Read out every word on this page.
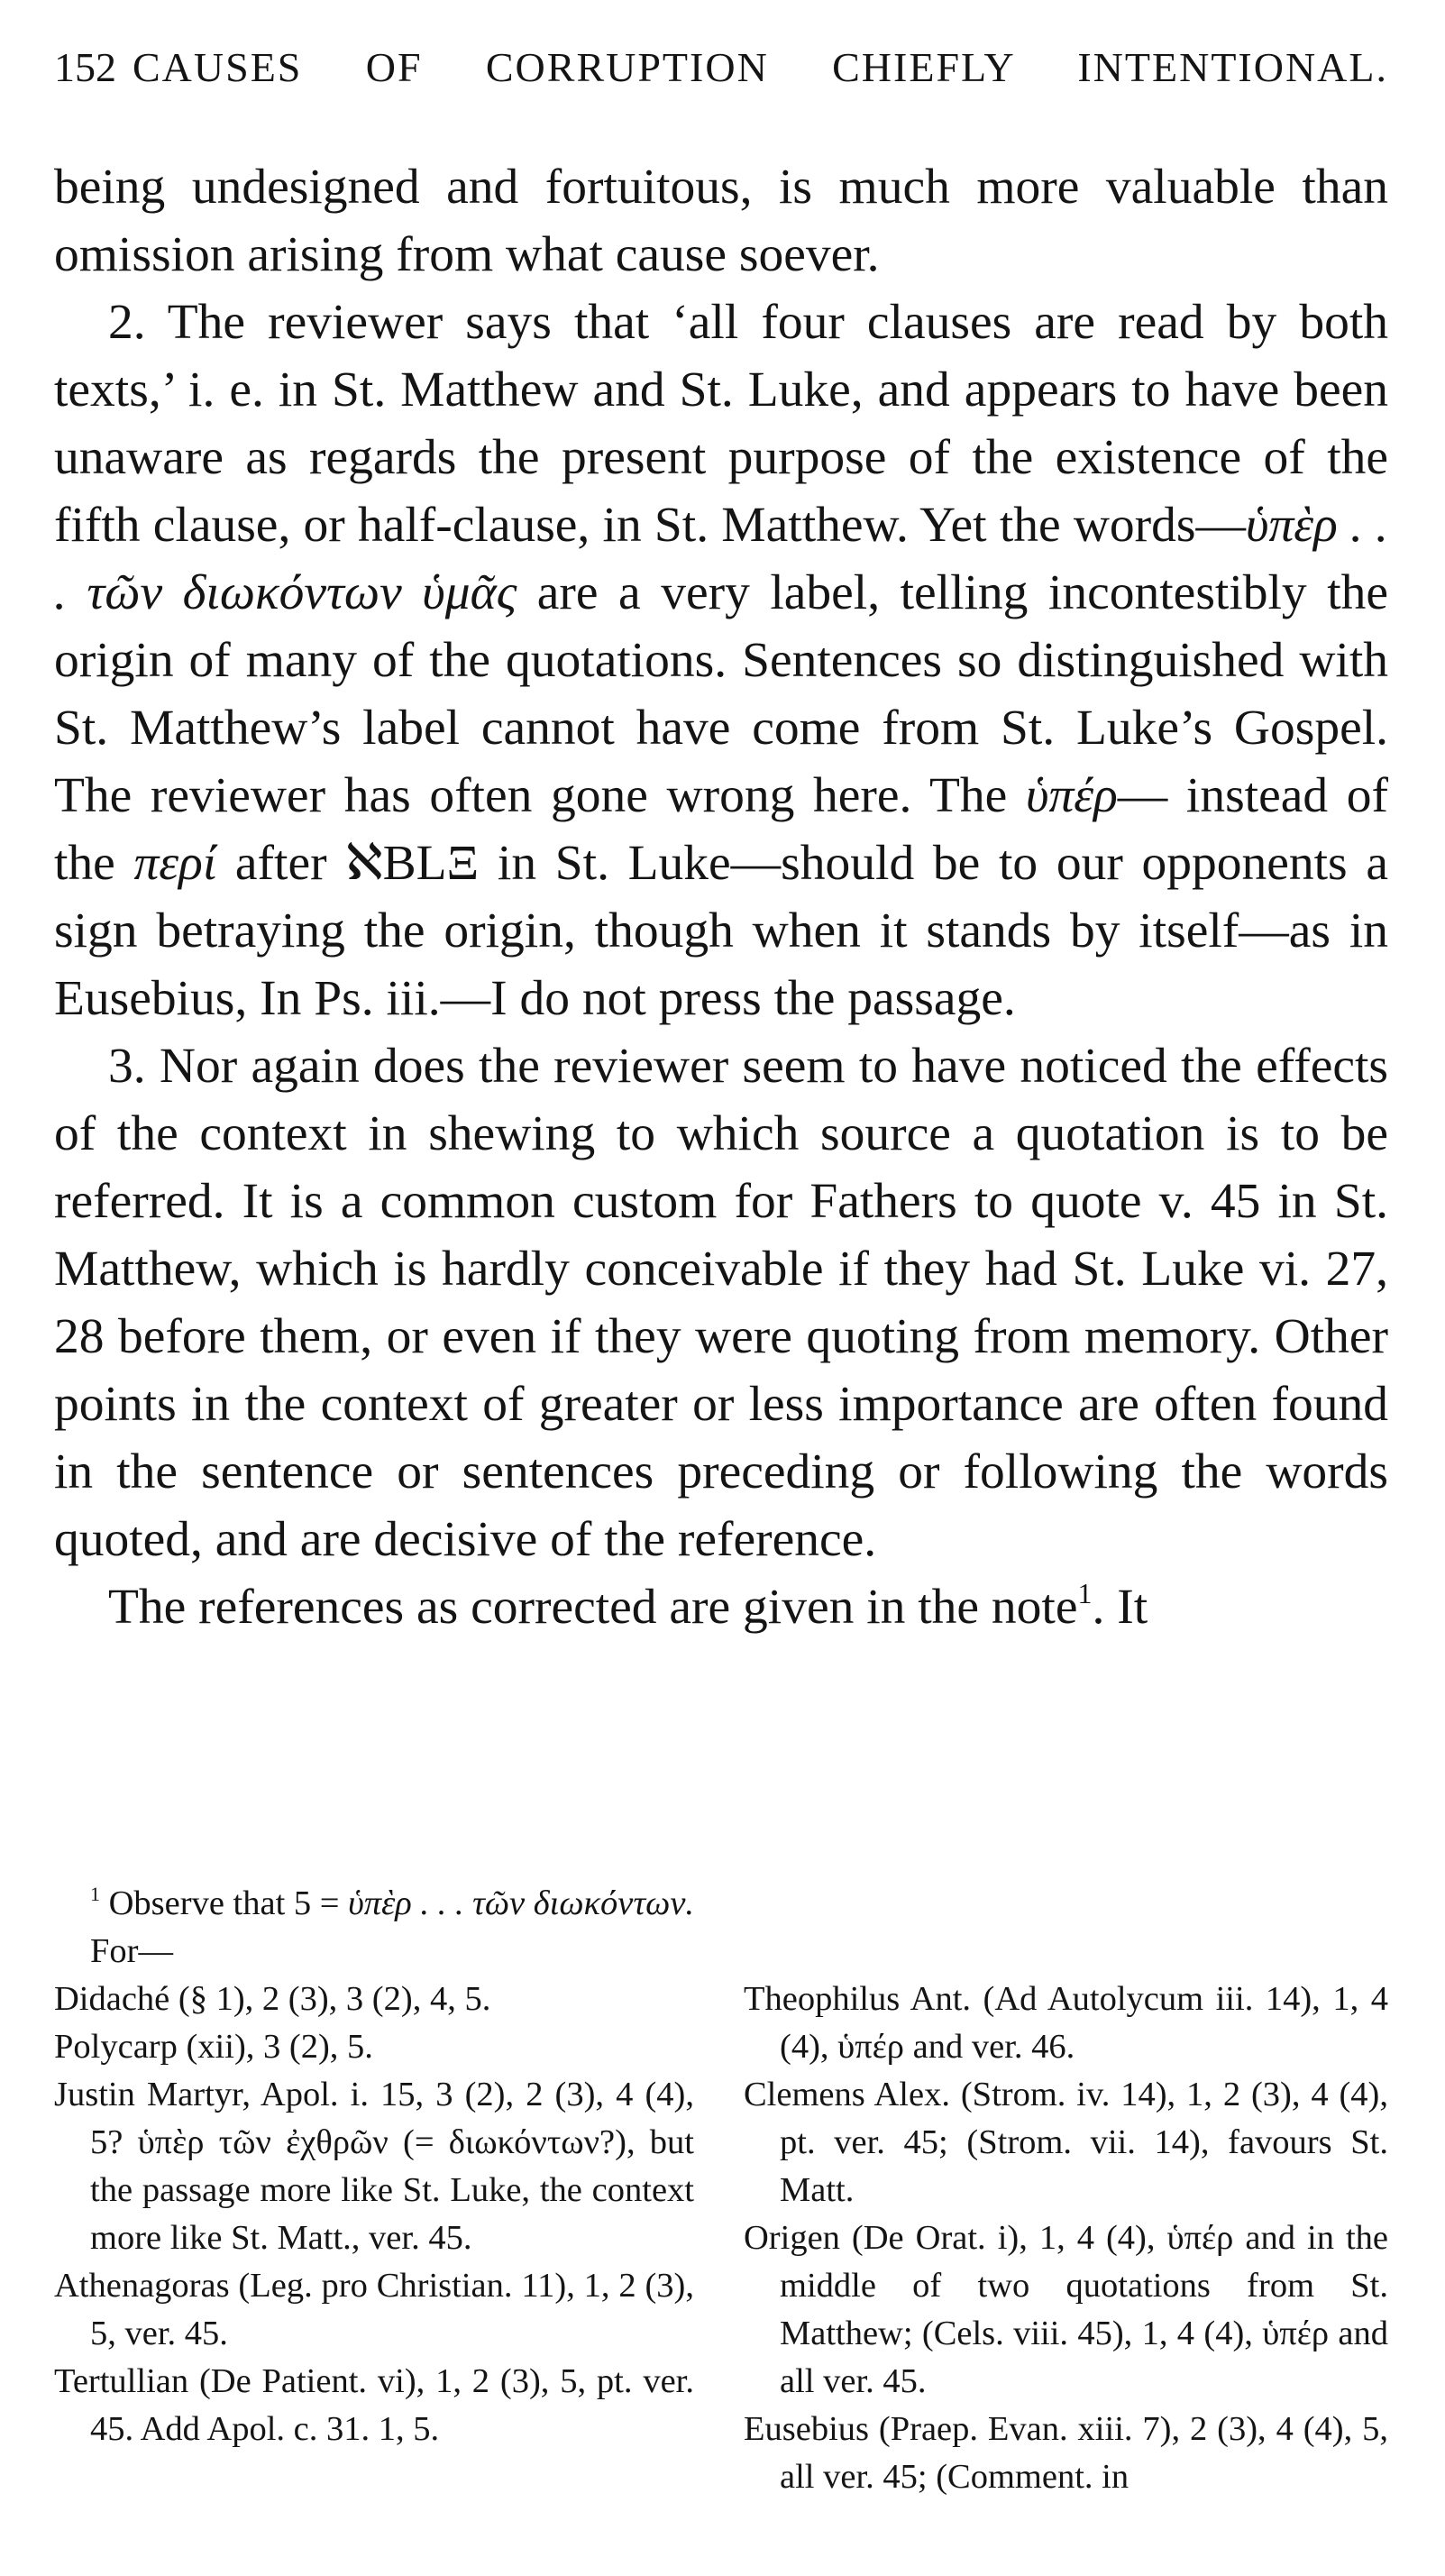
152 CAUSES OF CORRUPTION CHIEFLY INTENTIONAL.

being undesigned and fortuitous, is much more valuable than omission arising from what cause soever.

2. The reviewer says that ‘all four clauses are read by both texts,’ i. e. in St. Matthew and St. Luke, and appears to have been unaware as regards the present purpose of the existence of the fifth clause, or half-clause, in St. Matthew. Yet the words—ὑπὲρ . . . τῶν διωκόντων ὑμᾶς are a very label, telling incontestibly the origin of many of the quotations. Sentences so distinguished with St. Matthew’s label cannot have come from St. Luke’s Gospel. The reviewer has often gone wrong here. The ὑπέρ— instead of the περί after ℵBLΞ in St. Luke—should be to our opponents a sign betraying the origin, though when it stands by itself—as in Eusebius, In Ps. iii.—I do not press the passage.

3. Nor again does the reviewer seem to have noticed the effects of the context in shewing to which source a quotation is to be referred. It is a common custom for Fathers to quote v. 45 in St. Matthew, which is hardly conceivable if they had St. Luke vi. 27, 28 before them, or even if they were quoting from memory. Other points in the context of greater or less importance are often found in the sentence or sentences preceding or following the words quoted, and are decisive of the reference.

The references as corrected are given in the note$^1$. It

$^1$ Observe that 5 = ὑπὲρ . . . τῶν διωκόντων.
For—
Didaché (§ 1), 2 (3), 3 (2), 4, 5.
Polycarp (xii), 3 (2), 5.
Justin Martyr, Apol. i. 15, 3 (2), 2 (3), 4 (4), 5? ὑπὲρ τῶν ἐχθρῶν (= διωκόντων?), but the passage more like St. Luke, the context more like St. Matt., ver. 45.
Athenagoras (Leg. pro Christian. 11), 1, 2 (3), 5, ver. 45.
Tertullian (De Patient. vi), 1, 2 (3), 5, pt. ver. 45. Add Apol. c. 31. 1, 5.
Theophilus Ant. (Ad Autolycum iii. 14), 1, 4 (4), ὑπέρ and ver. 46.
Clemens Alex. (Strom. iv. 14), 1, 2 (3), 4 (4), pt. ver. 45; (Strom. vii. 14), favours St. Matt.
Origen (De Orat. i), 1, 4 (4), ὑπέρ and in the middle of two quotations from St. Matthew; (Cels. viii. 45), 1, 4 (4), ὑπέρ and all ver. 45.
Eusebius (Praep. Evan. xiii. 7), 2 (3), 4 (4), 5, all ver. 45; (Comment. in
